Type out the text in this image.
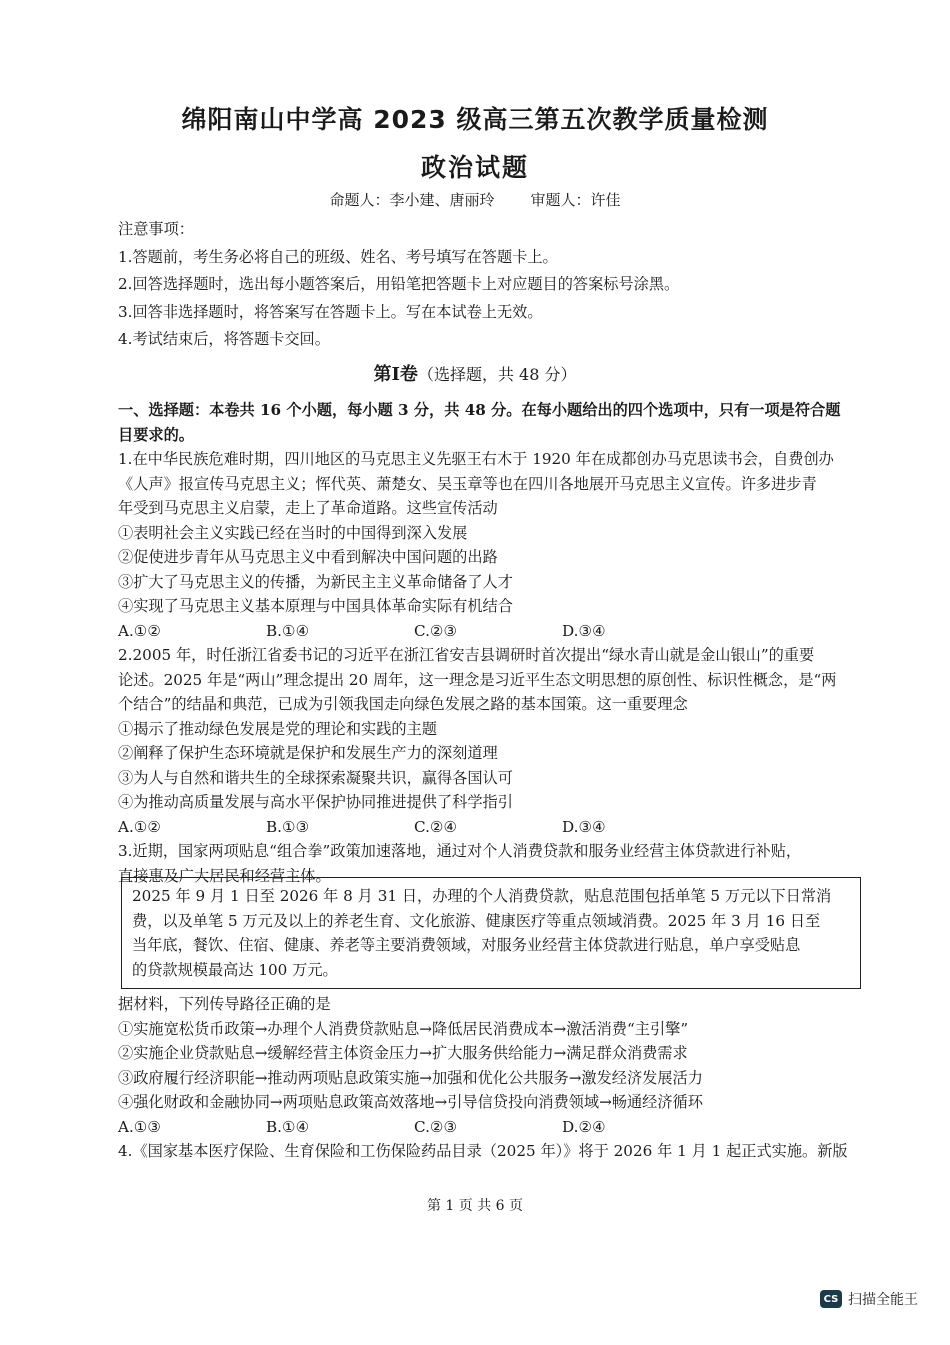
绵阳南山中学高 2023 级高三第五次教学质量检测
政治试题
命题人：李小建、唐丽玲 审题人：许佳
注意事项：
1.答题前，考生务必将自己的班级、姓名、考号填写在答题卡上。
2.回答选择题时，选出每小题答案后，用铅笔把答题卡上对应题目的答案标号涂黑。
3.回答非选择题时，将答案写在答题卡上。写在本试卷上无效。
4.考试结束后，将答题卡交回。
第Ⅰ卷（选择题，共 48 分）
一、选择题：本卷共 16 个小题，每小题 3 分，共 48 分。在每小题给出的四个选项中，只有一项是符合题
目要求的。
1.在中华民族危难时期，四川地区的马克思主义先驱王右木于 1920 年在成都创办马克思读书会，自费创办
《人声》报宣传马克思主义；恽代英、萧楚女、吴玉章等也在四川各地展开马克思主义宣传。许多进步青
年受到马克思主义启蒙，走上了革命道路。这些宣传活动
①表明社会主义实践已经在当时的中国得到深入发展
②促使进步青年从马克思主义中看到解决中国问题的出路
③扩大了马克思主义的传播，为新民主主义革命储备了人才
④实现了马克思主义基本原理与中国具体革命实际有机结合
A.①②	B.①④	C.②③	D.③④
2.2005 年，时任浙江省委书记的习近平在浙江省安吉县调研时首次提出“绿水青山就是金山银山”的重要
论述。2025 年是“两山”理念提出 20 周年，这一理念是习近平生态文明思想的原创性、标识性概念，是“两
个结合”的结晶和典范，已成为引领我国走向绿色发展之路的基本国策。这一重要理念
①揭示了推动绿色发展是党的理论和实践的主题
②阐释了保护生态环境就是保护和发展生产力的深刻道理
③为人与自然和谐共生的全球探索凝聚共识，赢得各国认可
④为推动高质量发展与高水平保护协同推进提供了科学指引
A.①②	B.①③	C.②④	D.③④
3.近期，国家两项贴息“组合拳”政策加速落地，通过对个人消费贷款和服务业经营主体贷款进行补贴，
直接惠及广大居民和经营主体。
2025 年 9 月 1 日至 2026 年 8 月 31 日，办理的个人消费贷款，贴息范围包括单笔 5 万元以下日常消
费，以及单笔 5 万元及以上的养老生育、文化旅游、健康医疗等重点领域消费。2025 年 3 月 16 日至
当年底，餐饮、住宿、健康、养老等主要消费领域，对服务业经营主体贷款进行贴息，单户享受贴息
的贷款规模最高达 100 万元。
据材料，下列传导路径正确的是
①实施宽松货币政策→办理个人消费贷款贴息→降低居民消费成本→激活消费“主引擎”
②实施企业贷款贴息→缓解经营主体资金压力→扩大服务供给能力→满足群众消费需求
③政府履行经济职能→推动两项贴息政策实施→加强和优化公共服务→激发经济发展活力
④强化财政和金融协同→两项贴息政策高效落地→引导信贷投向消费领域→畅通经济循环
A.①③	B.①④	C.②③	D.②④
4.《国家基本医疗保险、生育保险和工伤保险药品目录（2025 年）》将于 2026 年 1 月 1 起正式实施。新版
第 1 页 共 6 页
CS 扫描全能王
